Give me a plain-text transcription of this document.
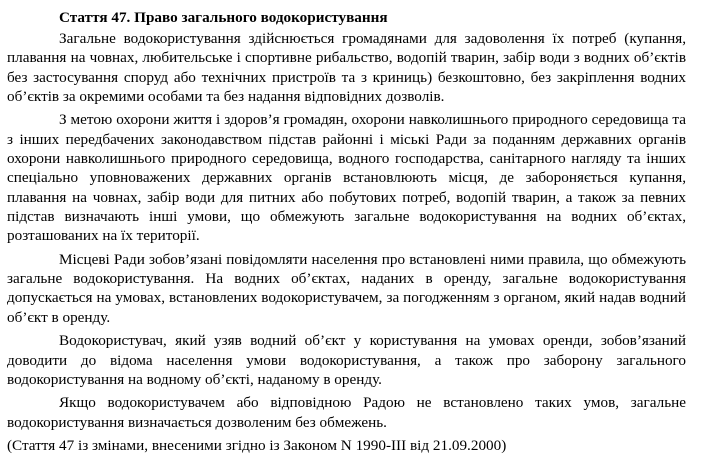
Стаття 47. Право загального водокористування

Загальне водокористування здійснюється громадянами для задоволення їх потреб (купання, плавання на човнах, любительське і спортивне рибальство, водопій тварин, забір води з водних об’єктів без застосування споруд або технічних пристроїв та з криниць) безкоштовно, без закріплення водних об’єктів за окремими особами та без надання відповідних дозволів.

З метою охорони життя і здоров’я громадян, охорони навколишнього природного середовища та з інших передбачених законодавством підстав районні і міські Ради за поданням державних органів охорони навколишнього природного середовища, водного господарства, санітарного нагляду та інших спеціально уповноважених державних органів встановлюють місця, де забороняється купання, плавання на човнах, забір води для питних або побутових потреб, водопій тварин, а також за певних підстав визначають інші умови, що обмежують загальне водокористування на водних об’єктах, розташованих на їх території.

Місцеві Ради зобов’язані повідомляти населення про встановлені ними правила, що обмежують загальне водокористування. На водних об’єктах, наданих в оренду, загальне водокористування допускається на умовах, встановлених водокористувачем, за погодженням з органом, який надав водний об’єкт в оренду.

Водокористувач, який узяв водний об’єкт у користування на умовах оренди, зобов’язаний доводити до відома населення умови водокористування, а також про заборону загального водокористування на водному об’єкті, наданому в оренду.

Якщо водокористувачем або відповідною Радою не встановлено таких умов, загальне водокористування визначається дозволеним без обмежень.

(Стаття 47 із змінами, внесеними згідно із Законом N 1990-III від 21.09.2000)
